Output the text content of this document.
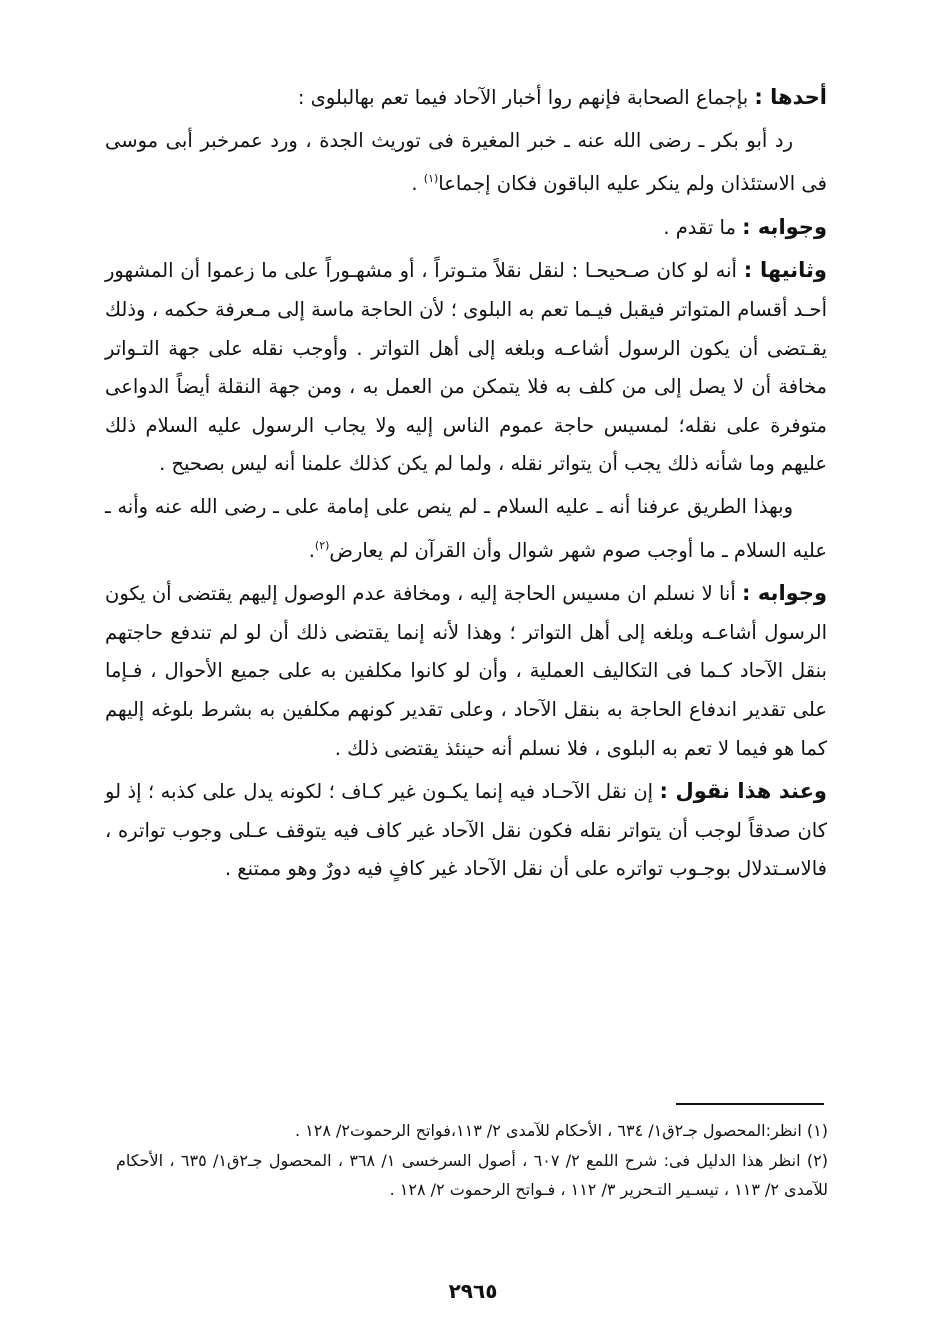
أحدها : بإجماع الصحابة فإنهم روا أخبار الآحاد فيما تعم بهالبلوى :

رد أبو بكر ـ رضى الله عنه ـ خبر المغيرة فى توريث الجدة ، ورد عمرخبر أبى موسى فى الاستئذان ولم ينكر عليه الباقون فكان إجماعا$^{(١)}$ .

وجوابه : ما تقدم .

وثانيها : أنه لو كان صـحيحـا : لنقل نقلاً متـوتراً ، أو مشهـوراً على ما زعموا أن المشهور أحـد أقسام المتواتر فيقبل فيـما تعم به البلوى ؛ لأن الحاجة ماسة إلى مـعرفة حكمه ، وذلك يقـتضى أن يكون الرسول أشاعـه وبلغه إلى أهل التواتر . وأوجب نقله على جهة التـواتر مخافة أن لا يصل إلى من كلف به فلا يتمكن من العمل به ، ومن جهة النقلة أيضاً الدواعى متوفرة على نقله؛ لمسيس حاجة عموم الناس إليه ولا يجاب الرسول عليه السلام ذلك عليهم وما شأنه ذلك يجب أن يتواتر نقله ، ولما لم يكن كذلك علمنا أنه ليس بصحيح .

وبهذا الطريق عرفنا أنه ـ عليه السلام ـ لم ينص على إمامة على ـ رضى الله عنه وأنه ـ عليه السلام ـ ما أوجب صوم شهر شوال وأن القرآن لم يعارض$^{(٢)}$.

وجوابه : أنا لا نسلم ان مسيس الحاجة إليه ، ومخافة عدم الوصول إليهم يقتضى أن يكون الرسول أشاعـه وبلغه إلى أهل التواتر ؛ وهذا لأنه إنما يقتضى ذلك أن لو لم تندفع حاجتهم بنقل الآحاد كـما فى التكاليف العملية ، وأن لو كانوا مكلفين به على جميع الأحوال ، فـإما على تقدير اندفاع الحاجة به بنقل الآحاد ، وعلى تقدير كونهم مكلفين به بشرط بلوغه إليهم كما هو فيما لا تعم به البلوى ، فلا نسلم أنه حينئذ يقتضى ذلك .

وعند هذا نقول : إن نقل الآحـاد فيه إنما يكـون غير كـاف ؛ لكونه يدل على كذبه ؛ إذ لو كان صدقاً لوجب أن يتواتر نقله فكون نقل الآحاد غير كاف فيه يتوقف عـلى وجوب تواتره ، فالاسـتدلال بوجـوب تواتره على أن نقل الآحاد غير كافٍ فيه دورٌ وهو ممتنع .

(١) انظر:المحصول جـ٢ق١/ ٦٣٤ ، الأحكام للآمدى ٢/ ١١٣،فواتح الرحموت٢/ ١٢٨ .

(٢) انظر هذا الدليل فى: شرح اللمع ٢/ ٦٠٧ ، أصول السرخسى ١/ ٣٦٨ ، المحصول جـ٢ق١/ ٦٣٥ ، الأحكام للآمدى ٢/ ١١٣ ، تيسـير التـحرير ٣/ ١١٢ ، فـواتح الرحموت ٢/ ١٢٨ .

٢٩٦٥
